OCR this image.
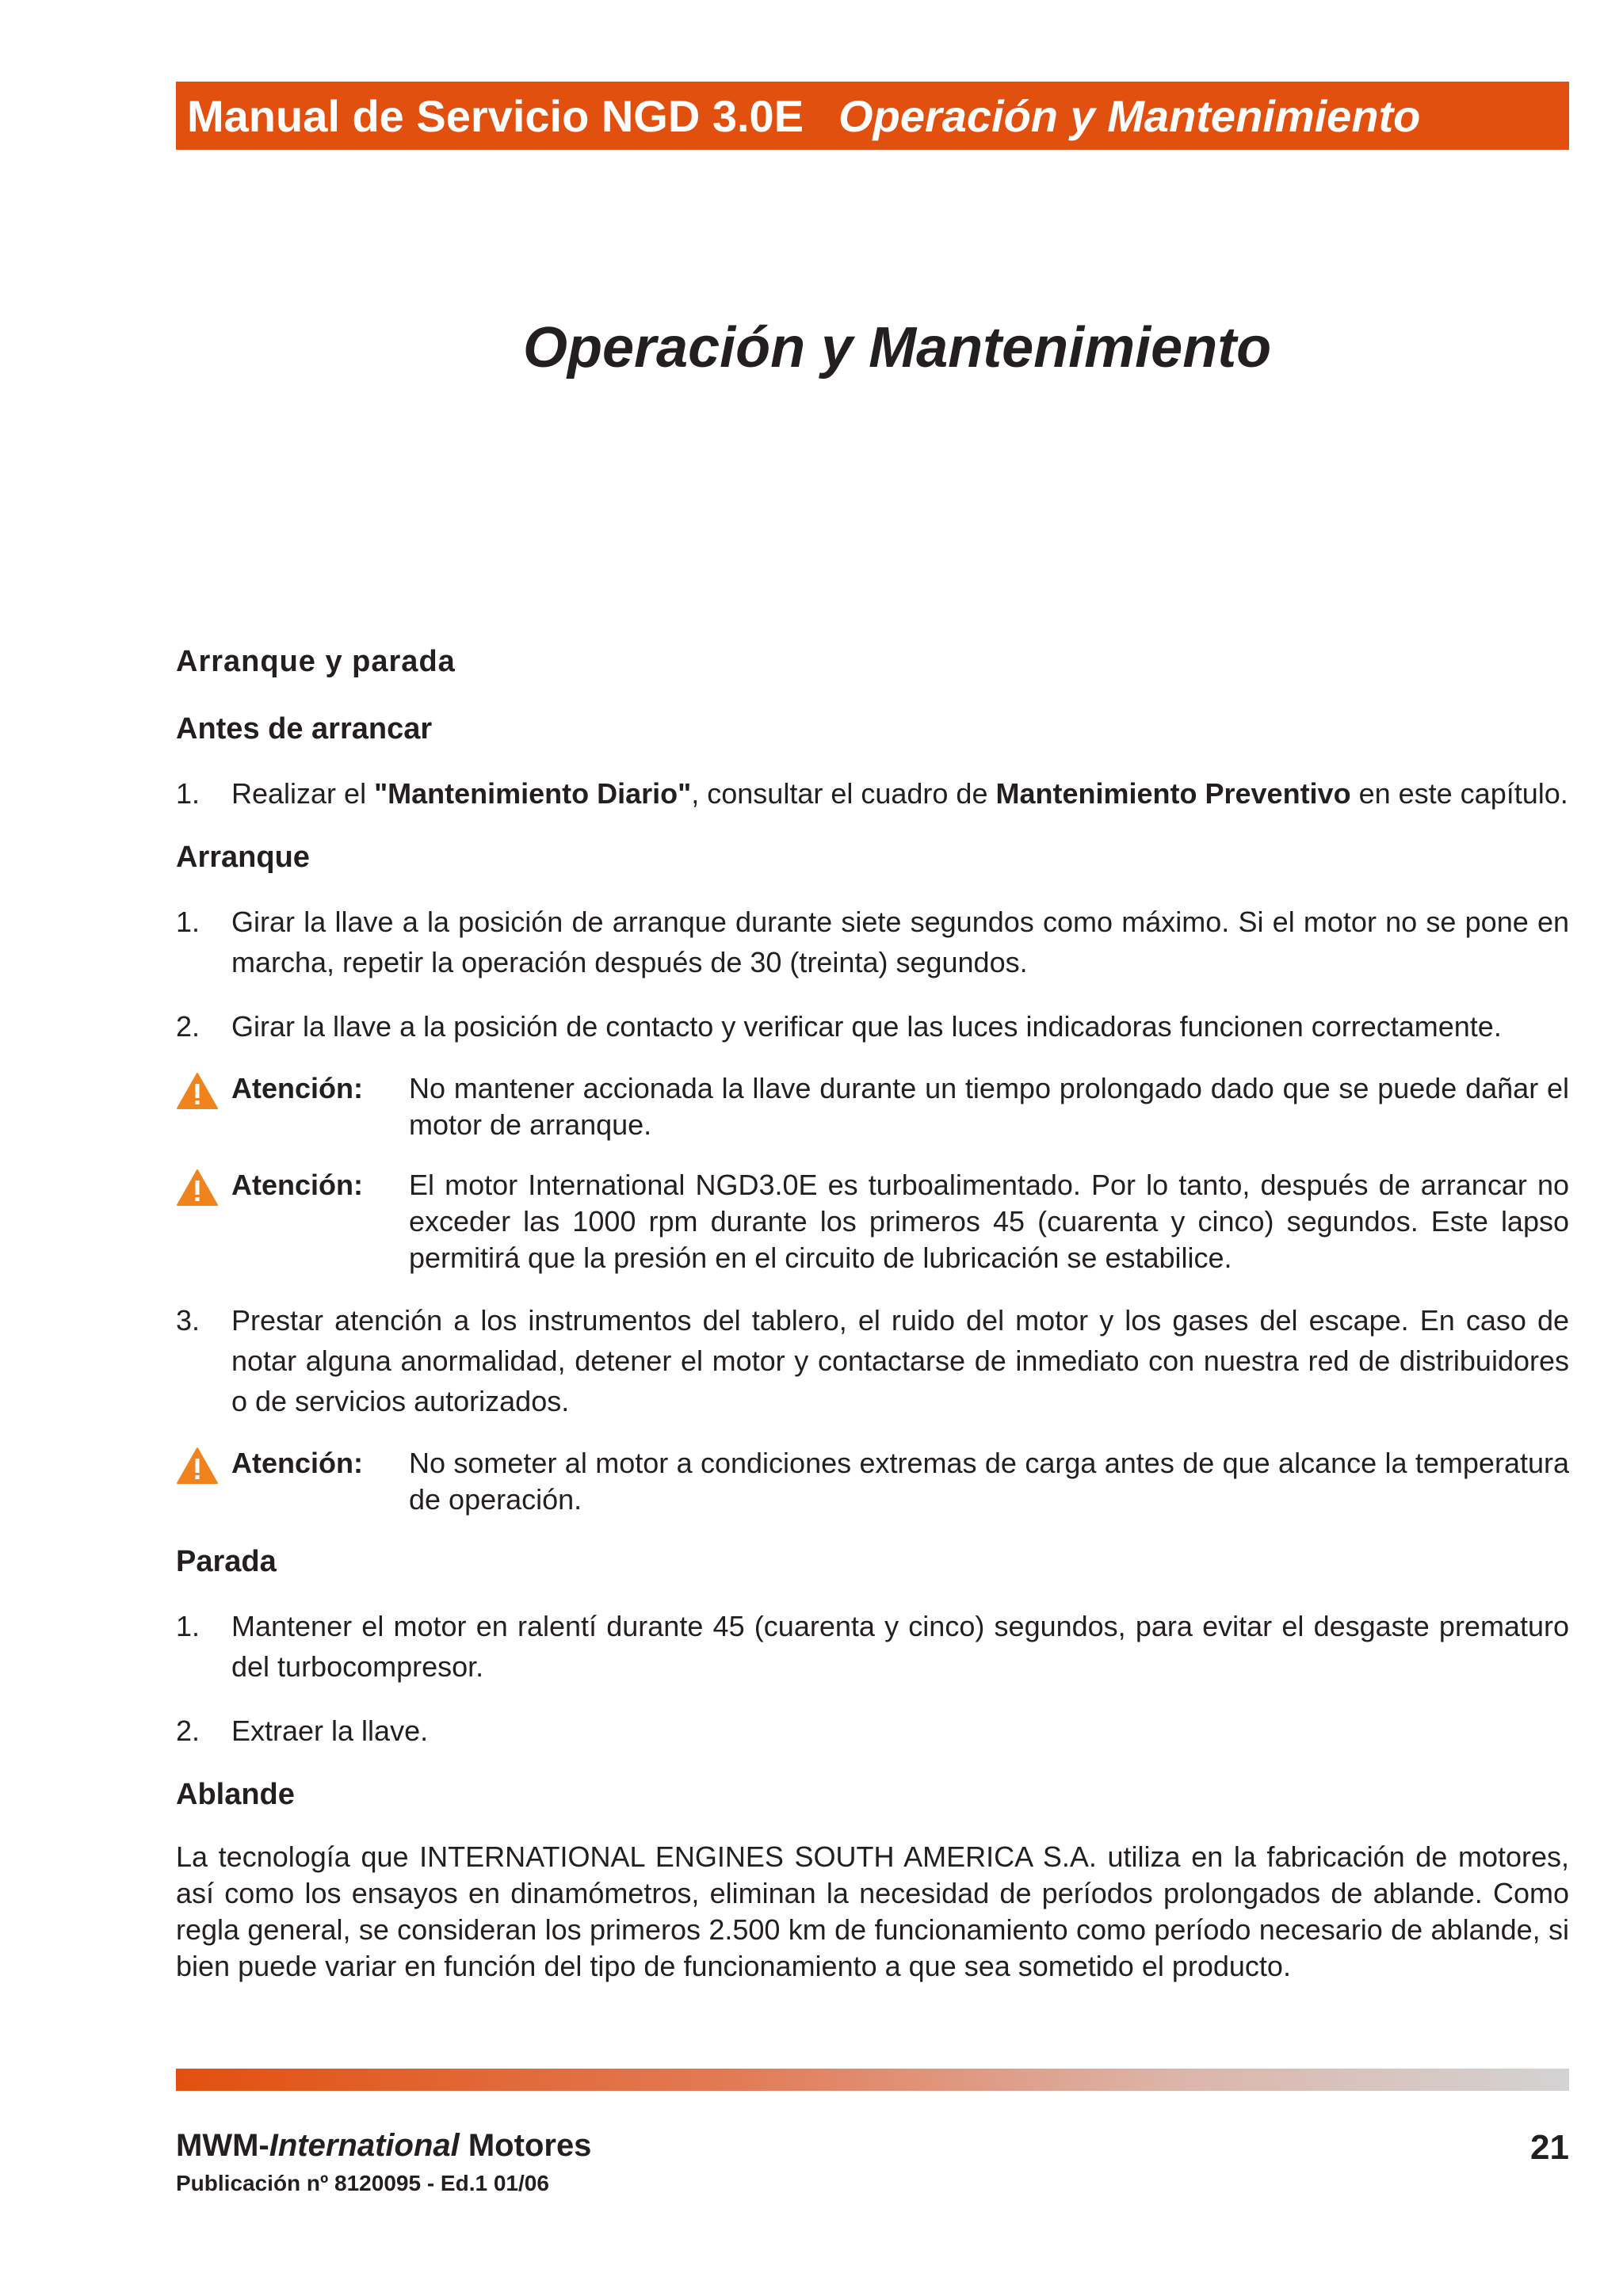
Manual de Servicio NGD 3.0E Operación y Mantenimiento
Operación y Mantenimiento
Arranque y parada
Antes de arrancar
1.	Realizar el "Mantenimiento Diario", consultar el cuadro de Mantenimiento Preventivo en este capítulo.
Arranque
1.	Girar la llave a la posición de arranque durante siete segundos como máximo. Si el motor no se pone en marcha, repetir la operación después de 30 (treinta) segundos.
2.	Girar la llave a la posición de contacto y verificar que las luces indicadoras funcionen correctamente.
Atención:	No mantener accionada la llave durante un tiempo prolongado dado que se puede dañar el motor de arranque.
Atención:	El motor International NGD3.0E es turboalimentado. Por lo tanto, después de arrancar no exceder las 1000 rpm durante los primeros 45 (cuarenta y cinco) segundos. Este lapso permitirá que la presión en el circuito de lubricación se estabilice.
3.	Prestar atención a los instrumentos del tablero, el ruido del motor y los gases del escape. En caso de notar alguna anormalidad, detener el motor y contactarse de inmediato con nuestra red de distribuidores o de servicios autorizados.
Atención:	No someter al motor a condiciones extremas de carga antes de que alcance la temperatura de operación.
Parada
1.	Mantener el motor en ralentí durante 45 (cuarenta y cinco) segundos, para evitar el desgaste prematuro del turbocompresor.
2.	Extraer la llave.
Ablande

La tecnología que INTERNATIONAL ENGINES SOUTH AMERICA S.A. utiliza en la fabricación de motores, así como los ensayos en dinamómetros, eliminan la necesidad de períodos prolongados de ablande. Como regla general, se consideran los primeros 2.500 km de funcionamiento como período necesario de ablande, si bien puede variar en función del tipo de funcionamiento a que sea sometido el producto.

MWM-International Motores
Publicación nº 8120095 - Ed.1 01/06
21
